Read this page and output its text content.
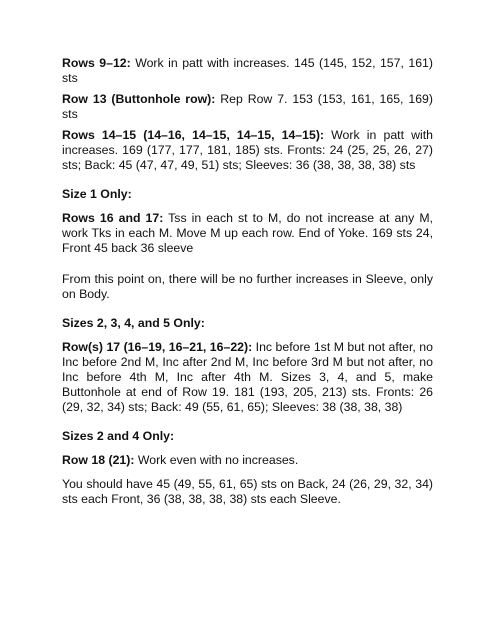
Rows 9–12: Work in patt with increases. 145 (145, 152, 157, 161) sts

Row 13 (Buttonhole row): Rep Row 7. 153 (153, 161, 165, 169) sts

Rows 14–15 (14–16, 14–15, 14–15, 14–15): Work in patt with increases. 169 (177, 177, 181, 185) sts. Fronts: 24 (25, 25, 26, 27) sts; Back: 45 (47, 47, 49, 51) sts; Sleeves: 36 (38, 38, 38, 38) sts

Size 1 Only:

Rows 16 and 17: Tss in each st to M, do not increase at any M, work Tks in each M. Move M up each row. End of Yoke. 169 sts 24, Front 45 back 36 sleeve

From this point on, there will be no further increases in Sleeve, only on Body.

Sizes 2, 3, 4, and 5 Only:

Row(s) 17 (16–19, 16–21, 16–22): Inc before 1st M but not after, no Inc before 2nd M, Inc after 2nd M, Inc before 3rd M but not after, no Inc before 4th M, Inc after 4th M. Sizes 3, 4, and 5, make Buttonhole at end of Row 19. 181 (193, 205, 213) sts. Fronts: 26 (29, 32, 34) sts; Back: 49 (55, 61, 65); Sleeves: 38 (38, 38, 38)

Sizes 2 and 4 Only:

Row 18 (21): Work even with no increases.

You should have 45 (49, 55, 61, 65) sts on Back, 24 (26, 29, 32, 34) sts each Front, 36 (38, 38, 38, 38) sts each Sleeve.
